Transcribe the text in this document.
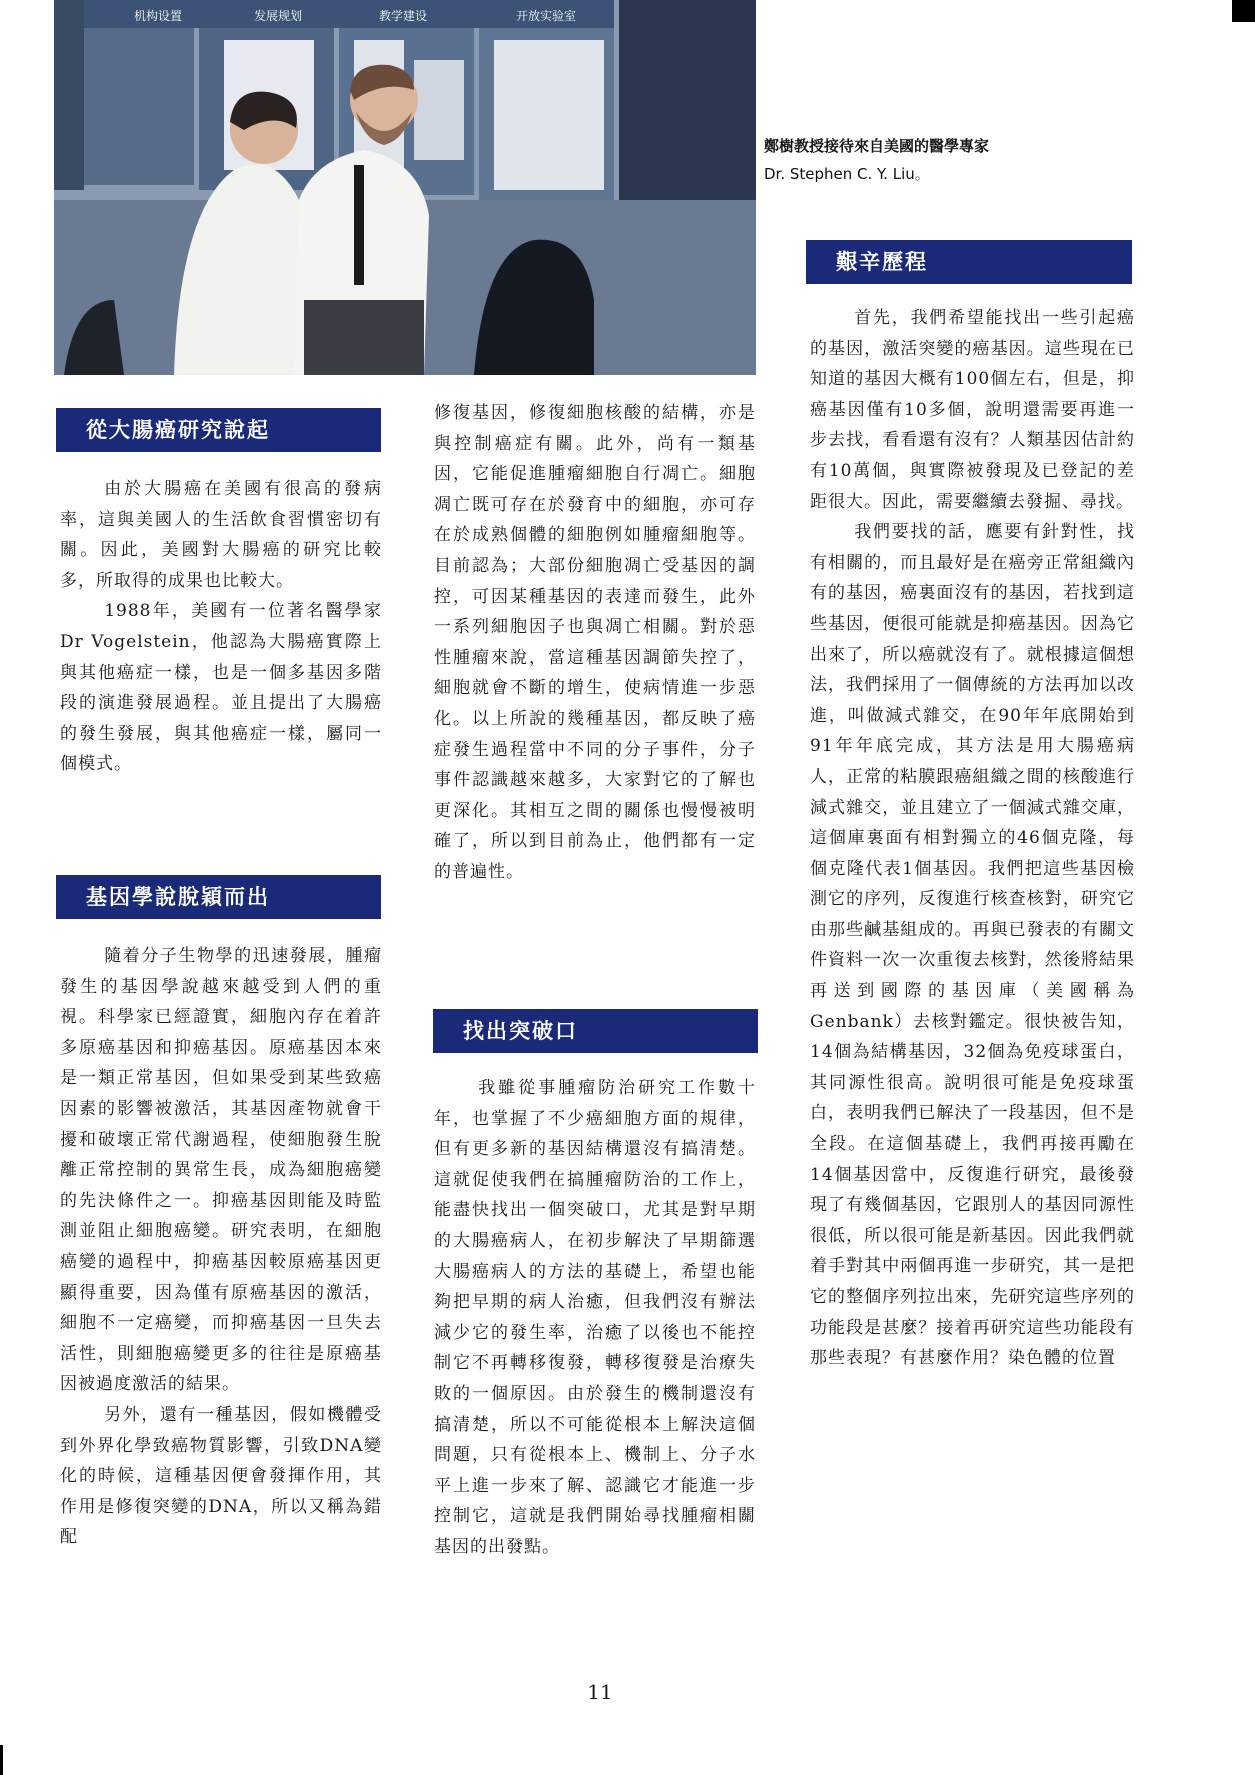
机构设置	发展规划	教学建设	开放实验室
鄭樹教授接待來自美國的醫學專家
Dr. Stephen C. Y. Liu。
從大腸癌研究說起

由於大腸癌在美國有很高的發病率，這與美國人的生活飲食習慣密切有關。因此，美國對大腸癌的研究比較多，所取得的成果也比較大。

1988年，美國有一位著名醫學家Dr Vogelstein，他認為大腸癌實際上與其他癌症一樣，也是一個多基因多階段的演進發展過程。並且提出了大腸癌的發生發展，與其他癌症一樣，屬同一個模式。

基因學說脫穎而出

隨着分子生物學的迅速發展，腫瘤發生的基因學說越來越受到人們的重視。科學家已經證實，細胞內存在着許多原癌基因和抑癌基因。原癌基因本來是一類正常基因，但如果受到某些致癌因素的影響被激活，其基因產物就會干擾和破壞正常代謝過程，使細胞發生脫離正常控制的異常生長，成為細胞癌變的先決條件之一。抑癌基因則能及時監測並阻止細胞癌變。研究表明，在細胞癌變的過程中，抑癌基因較原癌基因更顯得重要，因為僅有原癌基因的激活，細胞不一定癌變，而抑癌基因一旦失去活性，則細胞癌變更多的往往是原癌基因被過度激活的結果。

另外，還有一種基因，假如機體受到外界化學致癌物質影響，引致DNA變化的時候，這種基因便會發揮作用，其作用是修復突變的DNA，所以又稱為錯配

修復基因，修復細胞核酸的結構，亦是與控制癌症有關。此外，尚有一類基因，它能促進腫瘤細胞自行凋亡。細胞凋亡既可存在於發育中的細胞，亦可存在於成熟個體的細胞例如腫瘤細胞等。目前認為；大部份細胞凋亡受基因的調控，可因某種基因的表達而發生，此外一系列細胞因子也與凋亡相關。對於惡性腫瘤來說，當這種基因調節失控了，細胞就會不斷的增生，使病情進一步惡化。以上所說的幾種基因，都反映了癌症發生過程當中不同的分子事件，分子事件認識越來越多，大家對它的了解也更深化。其相互之間的關係也慢慢被明確了，所以到目前為止，他們都有一定的普遍性。

找出突破口

我雖從事腫瘤防治研究工作數十年，也掌握了不少癌細胞方面的規律，但有更多新的基因結構還沒有搞清楚。這就促使我們在搞腫瘤防治的工作上，能盡快找出一個突破口，尤其是對早期的大腸癌病人，在初步解決了早期篩選大腸癌病人的方法的基礎上，希望也能夠把早期的病人治癒，但我們沒有辦法減少它的發生率，治癒了以後也不能控制它不再轉移復發，轉移復發是治療失敗的一個原因。由於發生的機制還沒有搞清楚，所以不可能從根本上解決這個問題，只有從根本上、機制上、分子水平上進一步來了解、認識它才能進一步控制它，這就是我們開始尋找腫瘤相關基因的出發點。

艱辛歷程

首先，我們希望能找出一些引起癌的基因，激活突變的癌基因。這些現在已知道的基因大概有100個左右，但是，抑癌基因僅有10多個，說明還需要再進一步去找，看看還有沒有？人類基因估計約有10萬個，與實際被發現及已登記的差距很大。因此，需要繼續去發掘、尋找。

我們要找的話，應要有針對性，找有相關的，而且最好是在癌旁正常組織內有的基因，癌裏面沒有的基因，若找到這些基因，便很可能就是抑癌基因。因為它出來了，所以癌就沒有了。就根據這個想法，我們採用了一個傳統的方法再加以改進，叫做減式雜交，在90年年底開始到91年年底完成，其方法是用大腸癌病人，正常的粘膜跟癌組織之間的核酸進行減式雜交，並且建立了一個減式雜交庫，這個庫裏面有相對獨立的46個克隆，每個克隆代表1個基因。我們把這些基因檢測它的序列，反復進行核查核對，研究它由那些鹹基組成的。再與已發表的有關文件資料一次一次重復去核對，然後將結果再送到國際的基因庫（美國稱為Genbank）去核對鑑定。很快被告知，14個為結構基因，32個為免疫球蛋白，其同源性很高。說明很可能是免疫球蛋白，表明我們已解決了一段基因，但不是全段。在這個基礎上，我們再接再勵在14個基因當中，反復進行研究，最後發現了有幾個基因，它跟別人的基因同源性很低，所以很可能是新基因。因此我們就着手對其中兩個再進一步研究，其一是把它的整個序列拉出來，先研究這些序列的功能段是甚麼？接着再研究這些功能段有那些表現？有甚麼作用？染色體的位置

11
